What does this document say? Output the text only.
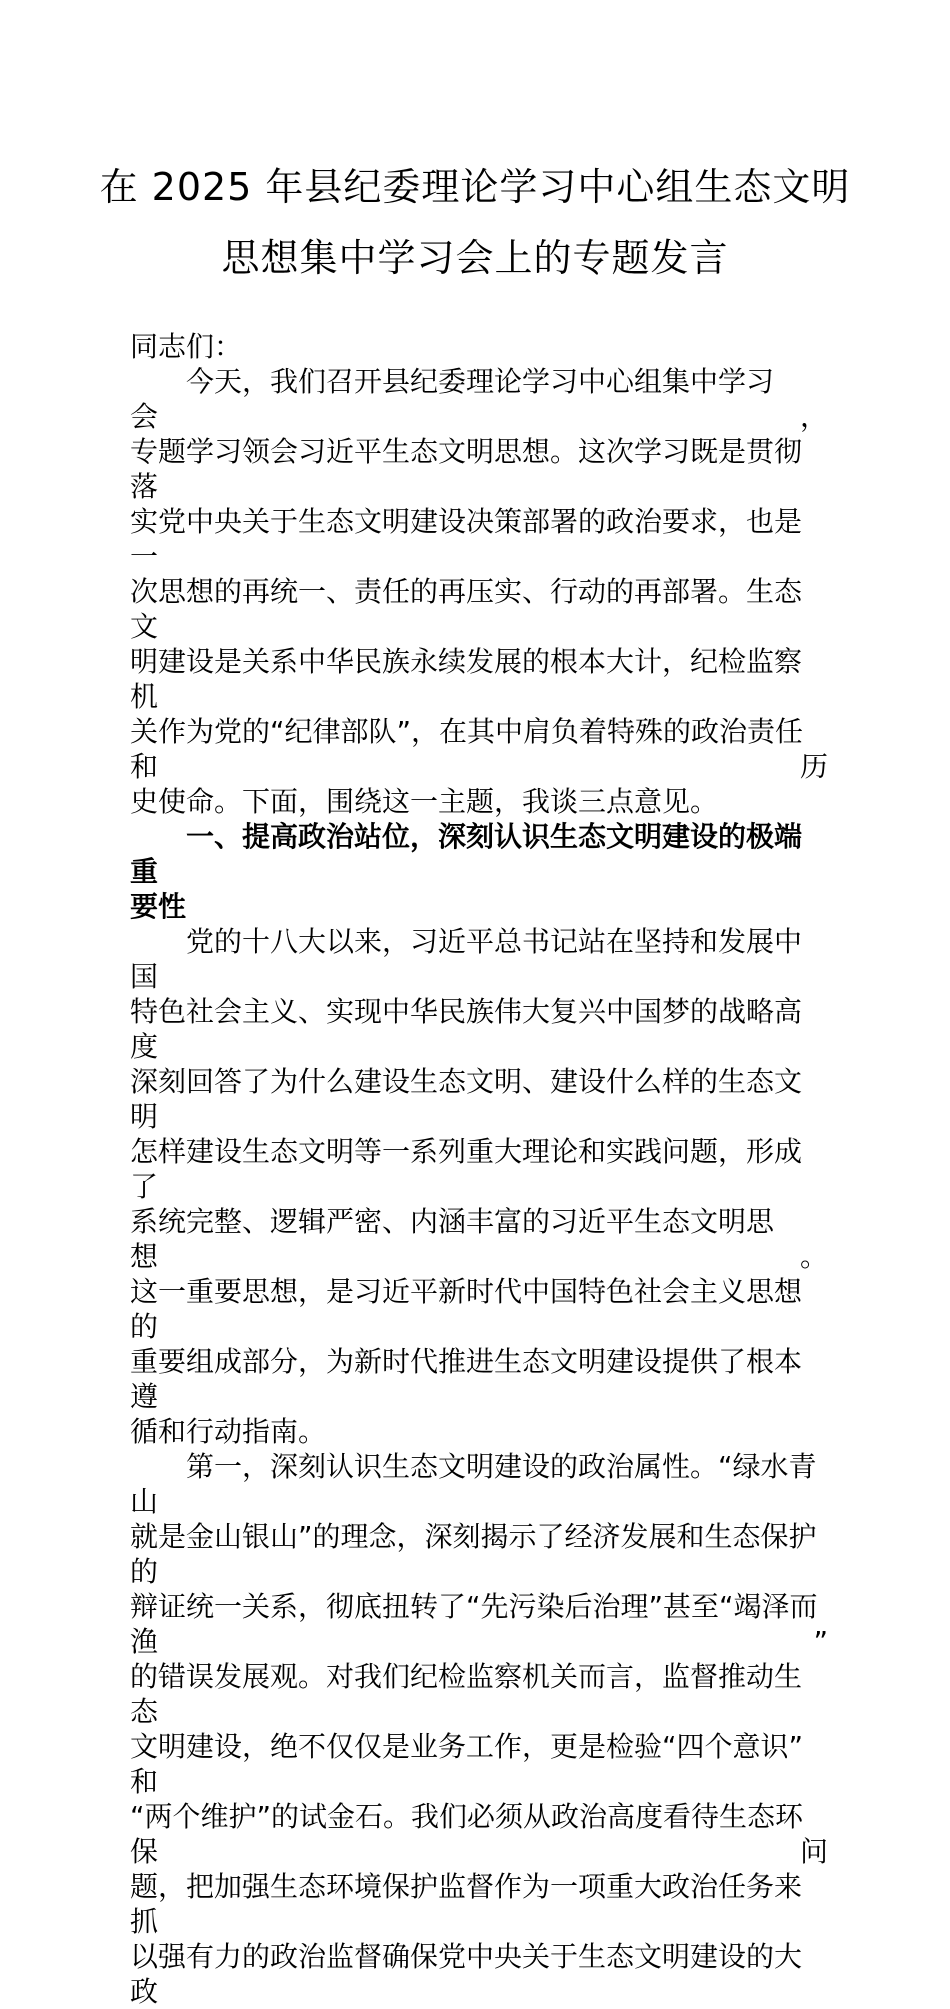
在 2025 年县纪委理论学习中心组生态文明
思想集中学习会上的专题发言

同志们：

今天，我们召开县纪委理论学习中心组集中学习会，
专题学习领会习近平生态文明思想。这次学习既是贯彻落
实党中央关于生态文明建设决策部署的政治要求，也是一
次思想的再统一、责任的再压实、行动的再部署。生态文
明建设是关系中华民族永续发展的根本大计，纪检监察机
关作为党的“纪律部队”，在其中肩负着特殊的政治责任和历
史使命。下面，围绕这一主题，我谈三点意见。

一、提高政治站位，深刻认识生态文明建设的极端重
要性

党的十八大以来，习近平总书记站在坚持和发展中国
特色社会主义、实现中华民族伟大复兴中国梦的战略高度
深刻回答了为什么建设生态文明、建设什么样的生态文明
怎样建设生态文明等一系列重大理论和实践问题，形成了
系统完整、逻辑严密、内涵丰富的习近平生态文明思想。
这一重要思想，是习近平新时代中国特色社会主义思想的
重要组成部分，为新时代推进生态文明建设提供了根本遵
循和行动指南。

第一，深刻认识生态文明建设的政治属性。“绿水青山
就是金山银山”的理念，深刻揭示了经济发展和生态保护的
辩证统一关系，彻底扭转了“先污染后治理”甚至“竭泽而渔”
的错误发展观。对我们纪检监察机关而言，监督推动生态
文明建设，绝不仅仅是业务工作，更是检验“四个意识”和
“两个维护”的试金石。我们必须从政治高度看待生态环保问
题，把加强生态环境保护监督作为一项重大政治任务来抓
以强有力的政治监督确保党中央关于生态文明建设的大政
